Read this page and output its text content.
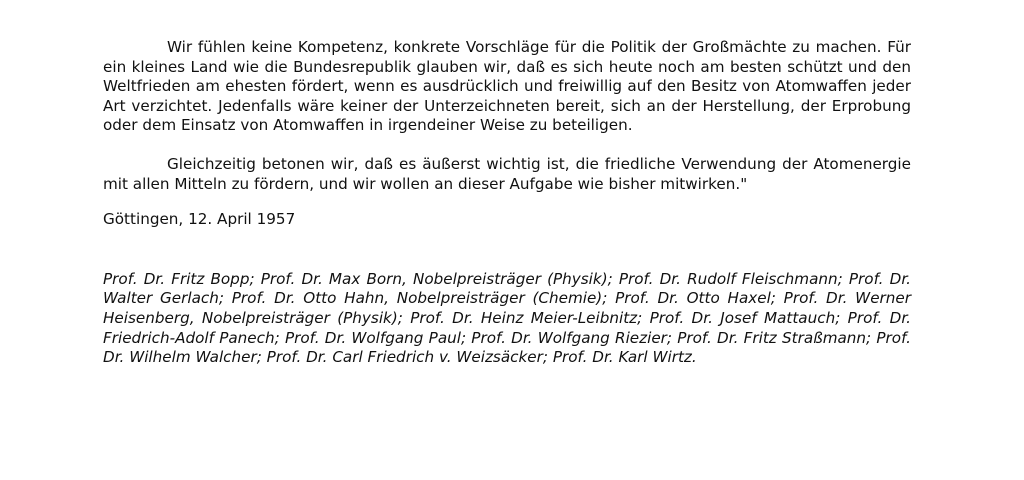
Wir fühlen keine Kompetenz, konkrete Vorschläge für die Politik der Großmächte zu machen. Für ein kleines Land wie die Bundesrepublik glauben wir, daß es sich heute noch am besten schützt und den Weltfrieden am ehesten fördert, wenn es ausdrücklich und freiwillig auf den Besitz von Atomwaffen jeder Art verzichtet. Jedenfalls wäre keiner der Unterzeichneten bereit, sich an der Herstellung, der Erprobung oder dem Einsatz von Atomwaffen in irgendeiner Weise zu beteiligen.

Gleichzeitig betonen wir, daß es äußerst wichtig ist, die friedliche Verwendung der Atomenergie mit allen Mitteln zu fördern, und wir wollen an dieser Aufgabe wie bisher mitwirken."

Göttingen, 12. April 1957

Prof. Dr. Fritz Bopp; Prof. Dr. Max Born, Nobelpreisträger (Physik); Prof. Dr. Rudolf Fleischmann; Prof. Dr. Walter Gerlach; Prof. Dr. Otto Hahn, Nobelpreisträger (Chemie); Prof. Dr. Otto Haxel; Prof. Dr. Werner Heisenberg, Nobelpreisträger (Physik); Prof. Dr. Heinz Meier-Leibnitz; Prof. Dr. Josef Mattauch; Prof. Dr. Friedrich-Adolf Panech; Prof. Dr. Wolfgang Paul; Prof. Dr. Wolfgang Riezier; Prof. Dr. Fritz Straßmann; Prof. Dr. Wilhelm Walcher; Prof. Dr. Carl Friedrich v. Weizsäcker; Prof. Dr. Karl Wirtz.
